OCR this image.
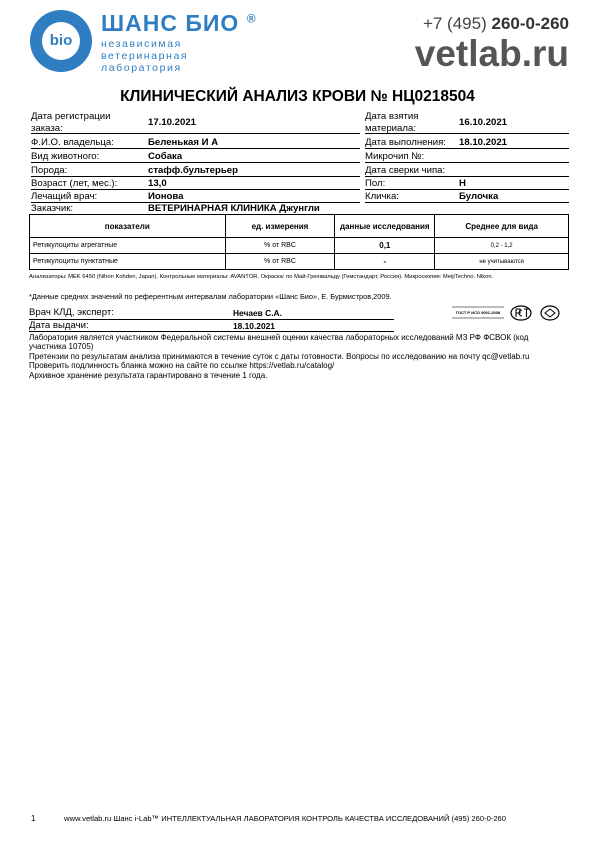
bio
ШАНС БИО ®
независимая
ветеринарная
лаборатория
+7 (495) 260-0-260
vetlab.ru
КЛИНИЧЕСКИЙ АНАЛИЗ КРОВИ № НЦ0218504
Дата регистрации
заказа:	17.10.2021
Ф.И.О. владельца:	Беленькая И А
Вид животного:	Собака
Порода:	стафф.бультерьер
Возраст (лет, мес.):	13,0
Лечащий врач:	Ионова
Заказчик:	ВЕТЕРИНАРНАЯ КЛИНИКА Джунгли
Дата взятия
материала:	16.10.2021
Дата выполнения: 18.10.2021
Микрочип №:
Дата сверки чипа:
Пол:	Н
Кличка:	Булочка
показатели	ед. измерения	данные исследования	Среднее для вида
Ретикулоциты агрегатные	% от RBC	0,1	0,2 - 1,2
Ретикулоциты пунктатные	% от RBC	-	не учитываются
Анализаторы: MEK 6450 (Nihon Kohden, Japan). Контрольные материалы: AVANTOR. Окраска: по Май-Грюнвальду (Гемстандарт, Россия). Микроскопия: MeijiTechno. Nikon.
*Данные средних значений по референтным интервалам лаборатории «Шанс Био», Е. Бурмистров,2009.
Врач КЛД, эксперт:	Нечаев С.А.
Дата выдачи:	18.10.2021
ГОСТ Р ИСО 9001-2008
Лаборатория является участником Федеральной системы внешней оценки качества лабораторных исследований МЗ РФ ФСВОК (код
участника 10705)
Претензии по результатам анализа принимаются в течение суток с даты готовности. Вопросы по исследованию на почту qc@vetlab.ru
Проверить подлинность бланка можно на сайте по ссылке https://vetlab.ru/catalog/
Архивное хранение результата гарантировано в течение 1 года.
1	www.vetlab.ru Шанс i-Lab™ ИНТЕЛЛЕКТУАЛЬНАЯ ЛАБОРАТОРИЯ КОНТРОЛЬ КАЧЕСТВА ИССЛЕДОВАНИЙ (495) 260-0-260
